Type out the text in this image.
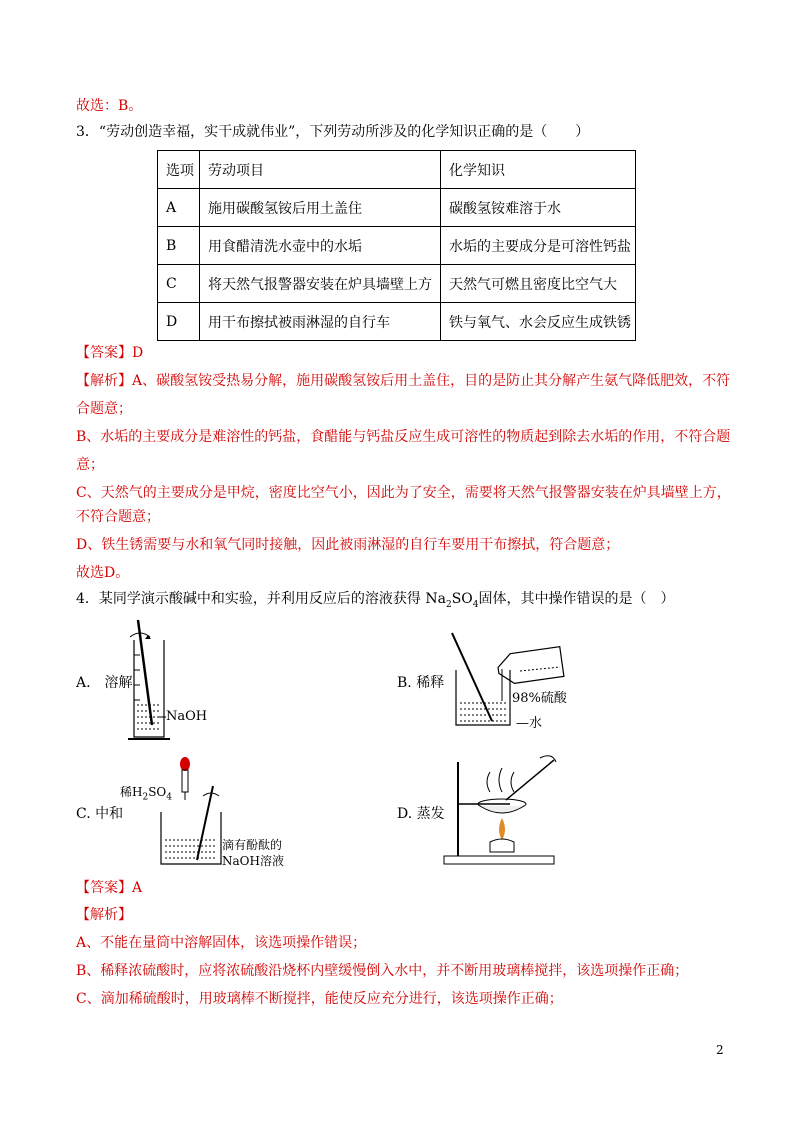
故选：B。
3．“劳动创造幸福，实干成就伟业”，下列劳动所涉及的化学知识正确的是（　　）
选项	劳动项目	化学知识
A	施用碳酸氢铵后用土盖住	碳酸氢铵难溶于水
B	用食醋清洗水壶中的水垢	水垢的主要成分是可溶性钙盐
C	将天然气报警器安装在炉具墙壁上方	天然气可燃且密度比空气大
D	用干布擦拭被雨淋湿的自行车	铁与氧气、水会反应生成铁锈
【答案】D
【解析】A、碳酸氢铵受热易分解，施用碳酸氢铵后用土盖住，目的是防止其分解产生氨气降低肥效，不符
合题意；
B、水垢的主要成分是难溶性的钙盐，食醋能与钙盐反应生成可溶性的物质起到除去水垢的作用，不符合题
意；
C、天然气的主要成分是甲烷，密度比空气小，因此为了安全，需要将天然气报警器安装在炉具墙壁上方，
不符合题意；
D、铁生锈需要与水和氧气同时接触，因此被雨淋湿的自行车要用干布擦拭，符合题意；
故选D。
4．某同学演示酸碱中和实验，并利用反应后的溶液获得 $Na_2SO_4$固体，其中操作错误的是（　）
A.　溶解
NaOH
B. 稀释
98%硫酸
—水
C. 中和
稀$H_2SO_4$
滴有酚酞的
NaOH溶液
D. 蒸发
【答案】A
【解析】
A、不能在量筒中溶解固体，该选项操作错误；
B、稀释浓硫酸时，应将浓硫酸沿烧杯内壁缓慢倒入水中，并不断用玻璃棒搅拌，该选项操作正确；
C、滴加稀硫酸时，用玻璃棒不断搅拌，能使反应充分进行，该选项操作正确；
2
